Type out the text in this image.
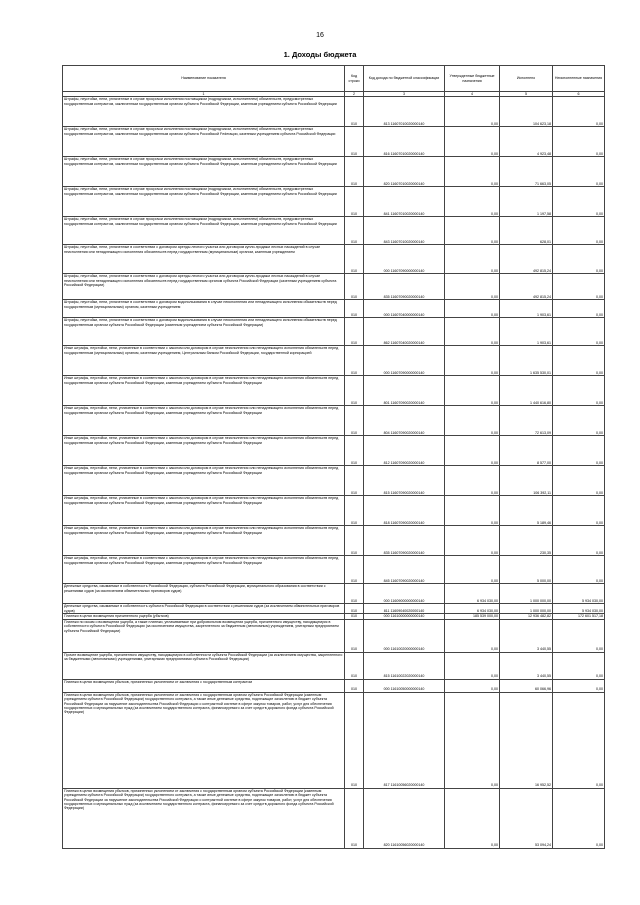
16
1. Доходы бюджета
Наименование показателя	Код строки	Код дохода по бюджетной классификации	Утвержденные бюджетные назначения	Исполнено	Неисполненные назначения
1	2	3	4	5	6
Штрафы, неустойки, пени, уплаченные в случае просрочки исполнения поставщиком (подрядчиком, исполнителем) обязательств, предусмотренных государственным контрактом, заключенным государственным органом субъекта Российской Федерации, казенным учреждением субъекта Российской Федерации	010	813 11607010020000140	0,00	104 623,18	0,00
Штрафы, неустойки, пени, уплаченные в случае просрочки исполнения поставщиком (подрядчиком, исполнителем) обязательств, предусмотренных государственным контрактом, заключенным государственным органом субъекта Российской Federации, казенным учреждением субъекта Российской Федерации	010	816 11607010020000140	0,00	4 923,48	0,00
Штрафы, неустойки, пени, уплаченные в случае просрочки исполнения поставщиком (подрядчиком, исполнителем) обязательств, предусмотренных государственным контрактом, заключенным государственным органом субъекта Российской Федерации, казенным учреждением субъекта Российской Федерации	010	820 11607010020000140	0,00	71 663,05	0,00
Штрафы, неустойки, пени, уплаченные в случае просрочки исполнения поставщиком (подрядчиком, исполнителем) обязательств, предусмотренных государственным контрактом, заключенным государственным органом субъекта Российской Федерации, казенным учреждением субъекта Российской Федерации	010	841 11607010020000140	0,00	1 197,58	0,00
Штрафы, неустойки, пени, уплаченные в случае просрочки исполнения поставщиком (подрядчиком, исполнителем) обязательств, предусмотренных государственным контрактом, заключенным государственным органом субъекта Российской Федерации, казенным учреждением субъекта Российской Федерации	010	843 11607010020000140	0,00	628,01	0,00
Штрафы, неустойки, пени, уплаченные в соответствии с договором аренды лесного участка или договором купли-продажи лесных насаждений в случае неисполнения или ненадлежащего исполнения обязательств перед государственным (муниципальным) органом, казенным учреждением	010	000 11607090000000140	0,00	492 815,24	0,00
Штрафы, неустойки, пени, уплаченные в соответствии с договором аренды лесного участка или договором купли-продажи лесных насаждений в случае неисполнения или ненадлежащего исполнения обязательств перед государственным органом субъекта Российской Федерации (казенным учреждением субъекта Российской Федерации)	010	835 11607090020000140	0,00	492 815,24	0,00
Штрафы, неустойки, пени, уплаченные в соответствии с договором водопользования в случае неисполнения или ненадлежащего исполнения обязательств перед государственным (муниципальным) органом, казенным учреждением	010	000 11607040000000140	0,00	1 903,61	0,00
Штрафы, неустойки, пени, уплаченные в соответствии с договором водопользования в случае неисполнения или ненадлежащего исполнения обязательств перед государственным органом субъекта Российской Федерации (казенным учреждением субъекта Российской Федерации)	010	862 11607040020000140	0,00	1 903,61	0,00
Иные штрафы, неустойки, пени, уплаченные в соответствии с законом или договором в случае неисполнения или ненадлежащего исполнения обязательств перед государственным (муниципальным) органом, казенным учреждением, Центральным банком Российской Федерации, государственной корпорацией	010	000 11607090000000140	0,00	1 635 530,01	0,00
Иные штрафы, неустойки, пени, уплаченные в соответствии с законом или договором в случае неисполнения или ненадлежащего исполнения обязательств перед государственным органом субъекта Российской Федерации, казенным учреждением субъекта Российской Федерации	010	801 11607090020000140	0,00	1 440 616,80	0,00
Иные штрафы, неустойки, пени, уплаченные в соответствии с законом или договором в случае неисполнения или ненадлежащего исполнения обязательств перед государственным органом субъекта Российской Федерации, казенным учреждением субъекта Российской Федерации	010	804 11607090020000140	0,00	72 613,09	0,00
Иные штрафы, неустойки, пени, уплаченные в соответствии с законом или договором в случае неисполнения или ненадлежащего исполнения обязательств перед государственным органом субъекта Российской Федерации, казенным учреждением субъекта Российской Федерации	010	812 11607090020000140	0,00	8 577,00	0,00
Иные штрафы, неустойки, пени, уплаченные в соответствии с законом или договором в случае неисполнения или ненадлежащего исполнения обязательств перед государственным органом субъекта Российской Федерации, казенным учреждением субъекта Российской Федерации	010	815 11607090020000140	0,00	106 392,11	0,00
Иные штрафы, неустойки, пени, уплаченные в соответствии с законом или договором в случае неисполнения или ненадлежащего исполнения обязательств перед государственным органом субъекта Российской Федерации, казенным учреждением субъекта Российской Федерации	010	818 11607090020000140	0,00	5 189,46	0,00
Иные штрафы, неустойки, пени, уплаченные в соответствии с законом или договором в случае неисполнения или ненадлежащего исполнения обязательств перед государственным органом субъекта Российской Федерации, казенным учреждением субъекта Российской Федерации	010	835 11607090020000140	0,00	230,35	0,00
Иные штрафы, неустойки, пени, уплаченные в соответствии с законом или договором в случае неисполнения или ненадлежащего исполнения обязательств перед государственным органом субъекта Российской Федерации, казенным учреждением субъекта Российской Федерации	010	845 11607090020000140	0,00	5 000,00	0,00
Денежные средства, изымаемые в собственность Российской Федерации, субъекта Российской Федерации, муниципального образования в соответствии с решениями судов (за исключением обвинительных приговоров судов)	010	000 11609000000000140	6 934 030,00	1 000 000,00	5 934 030,00
Денежные средства, изымаемые в собственность субъекта Российской Федерации в соответствии с решениями судов (за исключением обвинительных приговоров судов)	010	811 11609040020000140	6 934 030,00	1 000 000,00	5 934 030,00
Платежи в целях возмещения причиненного ущерба (убытков)	010	000 11610000000000140	185 539 000,00	12 936 482,82	172 601 517,18
Платежи по искам о возмещении ущерба, а также платежи, уплачиваемые при добровольном возмещении ущерба, причиненного имуществу, находящемуся в собственности субъекта Российской Федерации (за исключением имущества, закрепленного за бюджетным (автономным) учреждением, унитарным предприятием субъекта Российской Федерации)	010	000 11610020000000140	0,00	3 440,55	0,00
Прочее возмещение ущерба, причиненного имуществу, находящемуся в собственности субъекта Российской Федерации (за исключением имущества, закрепленного за бюджетными (автономными) учреждениями, унитарными предприятиями субъекта Российской Федерации)	010	815 11610022020000140	0,00	3 440,55	0,00
Платежи в целях возмещения убытков, причиненных уклонением от заключения с государственным контрактом	010	000 11610050000000140	0,00	60 066,96	0,00
Платежи в целях возмещения убытков, причиненных уклонением от заключения с государственным органом субъекта Российской Федерации (казенным учреждением субъекта Российской Федерации) государственного контракта, а также иные денежные средства, подлежащие зачислению в бюджет субъекта Российской Федерации за нарушение законодательства Российской Федерации о контрактной системе в сфере закупок товаров, работ, услуг для обеспечения государственных и муниципальных нужд (за исключением государственного контракта, финансируемого за счет средств дорожного фонда субъекта Российской Федерации)	010	817 11610056020000140	0,00	16 952,52	0,00
Платежи в целях возмещения убытков, причиненных уклонением от заключения с государственным органом субъекта Российской Федерации (казенным учреждением субъекта Российской Федерации) государственного контракта, а также иные денежные средства, подлежащие зачислению в бюджет субъекта Российской Федерации за нарушение законодательства Российской Федерации о контрактной системе в сфере закупок товаров, работ, услуг для обеспечения государственных и муниципальных нужд (за исключением государственного контракта, финансируемого за счет средств дорожного фонда субъекта Российской Федерации)	010	820 11610056020000140	0,00	53 094,24	0,00
